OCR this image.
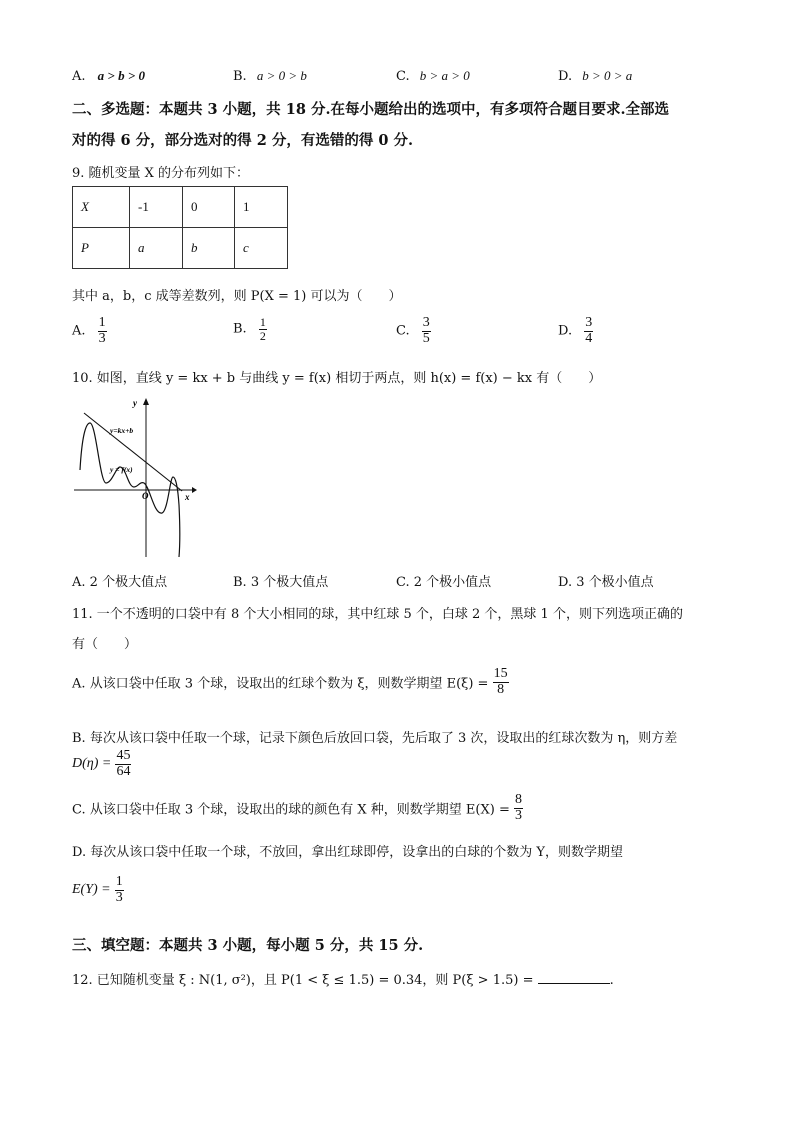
A. a > b > 0	B. a > 0 > b	C. b > a > 0	D. b > 0 > a
二、多选题：本题共 3 小题，共 18 分.在每小题给出的选项中，有多项符合题目要求.全部选
对的得 6 分，部分选对的得 2 分，有选错的得 0 分.
9. 随机变量 X 的分布列如下：
X	-1	0	1
P	a	b	c
其中 a，b，c 成等差数列，则 P(X = 1) 可以为（　　）
A. $\frac{1}{3}$	B. $\frac{1}{2}$	C. $\frac{3}{5}$	D. $\frac{3}{4}$
10. 如图，直线 y = kx + b 与曲线 y = f(x) 相切于两点，则 h(x) = f(x) − kx 有（　　）
y
x
O
y=kx+b
y = f(x)
A. 2 个极大值点	B. 3 个极大值点	C. 2 个极小值点	D. 3 个极小值点
11. 一个不透明的口袋中有 8 个大小相同的球，其中红球 5 个，白球 2 个，黑球 1 个，则下列选项正确的
有（　　）
A. 从该口袋中任取 3 个球，设取出的红球个数为 ξ，则数学期望 $E(\xi) = \frac{15}{8}$
B. 每次从该口袋中任取一个球，记录下颜色后放回口袋，先后取了 3 次，设取出的红球次数为 η，则方差
$D(\eta) = \frac{45}{64}$
C. 从该口袋中任取 3 个球，设取出的球的颜色有 X 种，则数学期望 $E(X) = \frac{8}{3}$
D. 每次从该口袋中任取一个球，不放回，拿出红球即停，设拿出的白球的个数为 Y，则数学期望
$E(Y) = \frac{1}{3}$
三、填空题：本题共 3 小题，每小题 5 分，共 15 分.
12. 已知随机变量 ξ : N(1, σ²)，且 P(1 < ξ ≤ 1.5) = 0.34，则 P(ξ > 1.5) =	.
